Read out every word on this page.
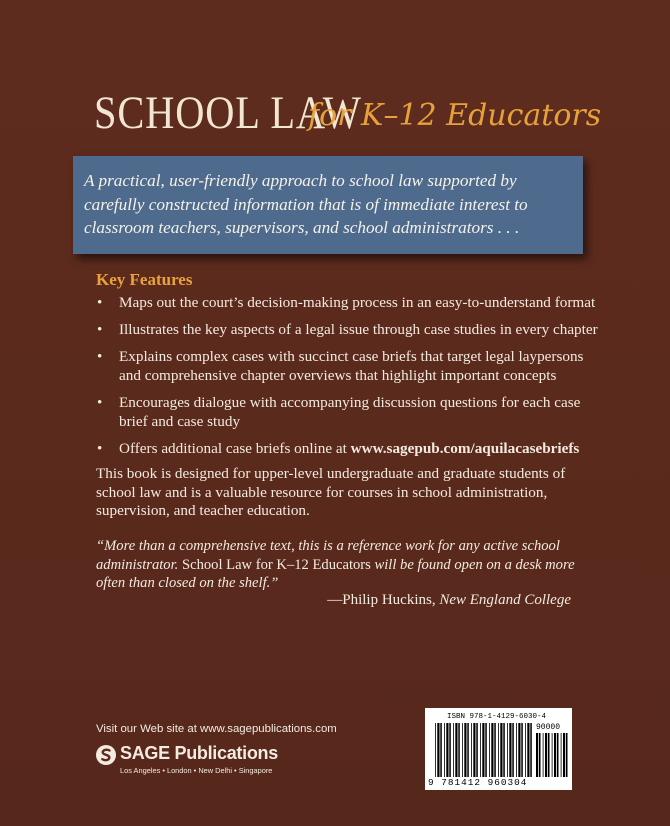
SCHOOL LAW
for K–12 Educators
A practical, user-friendly approach to school law supported by carefully constructed information that is of immediate interest to classroom teachers, supervisors, and school administrators . . .
Key Features
• Maps out the court’s decision-making process in an easy-to-understand format
• Illustrates the key aspects of a legal issue through case studies in every chapter
• Explains complex cases with succinct case briefs that target legal laypersons and comprehensive chapter overviews that highlight important concepts
• Encourages dialogue with accompanying discussion questions for each case brief and case study
• Offers additional case briefs online at www.sagepub.com/aquilacasebriefs
This book is designed for upper-level undergraduate and graduate students of school law and is a valuable resource for courses in school administration, supervision, and teacher education.
“More than a comprehensive text, this is a reference work for any active school administrator. School Law for K–12 Educators will be found open on a desk more often than closed on the shelf.”
—Philip Huckins, New England College
Visit our Web site at www.sagepublications.com
SAGE Publications
Los Angeles • London • New Delhi • Singapore
ISBN 978-1-4129-6030-4
90000
9 781412 960304
